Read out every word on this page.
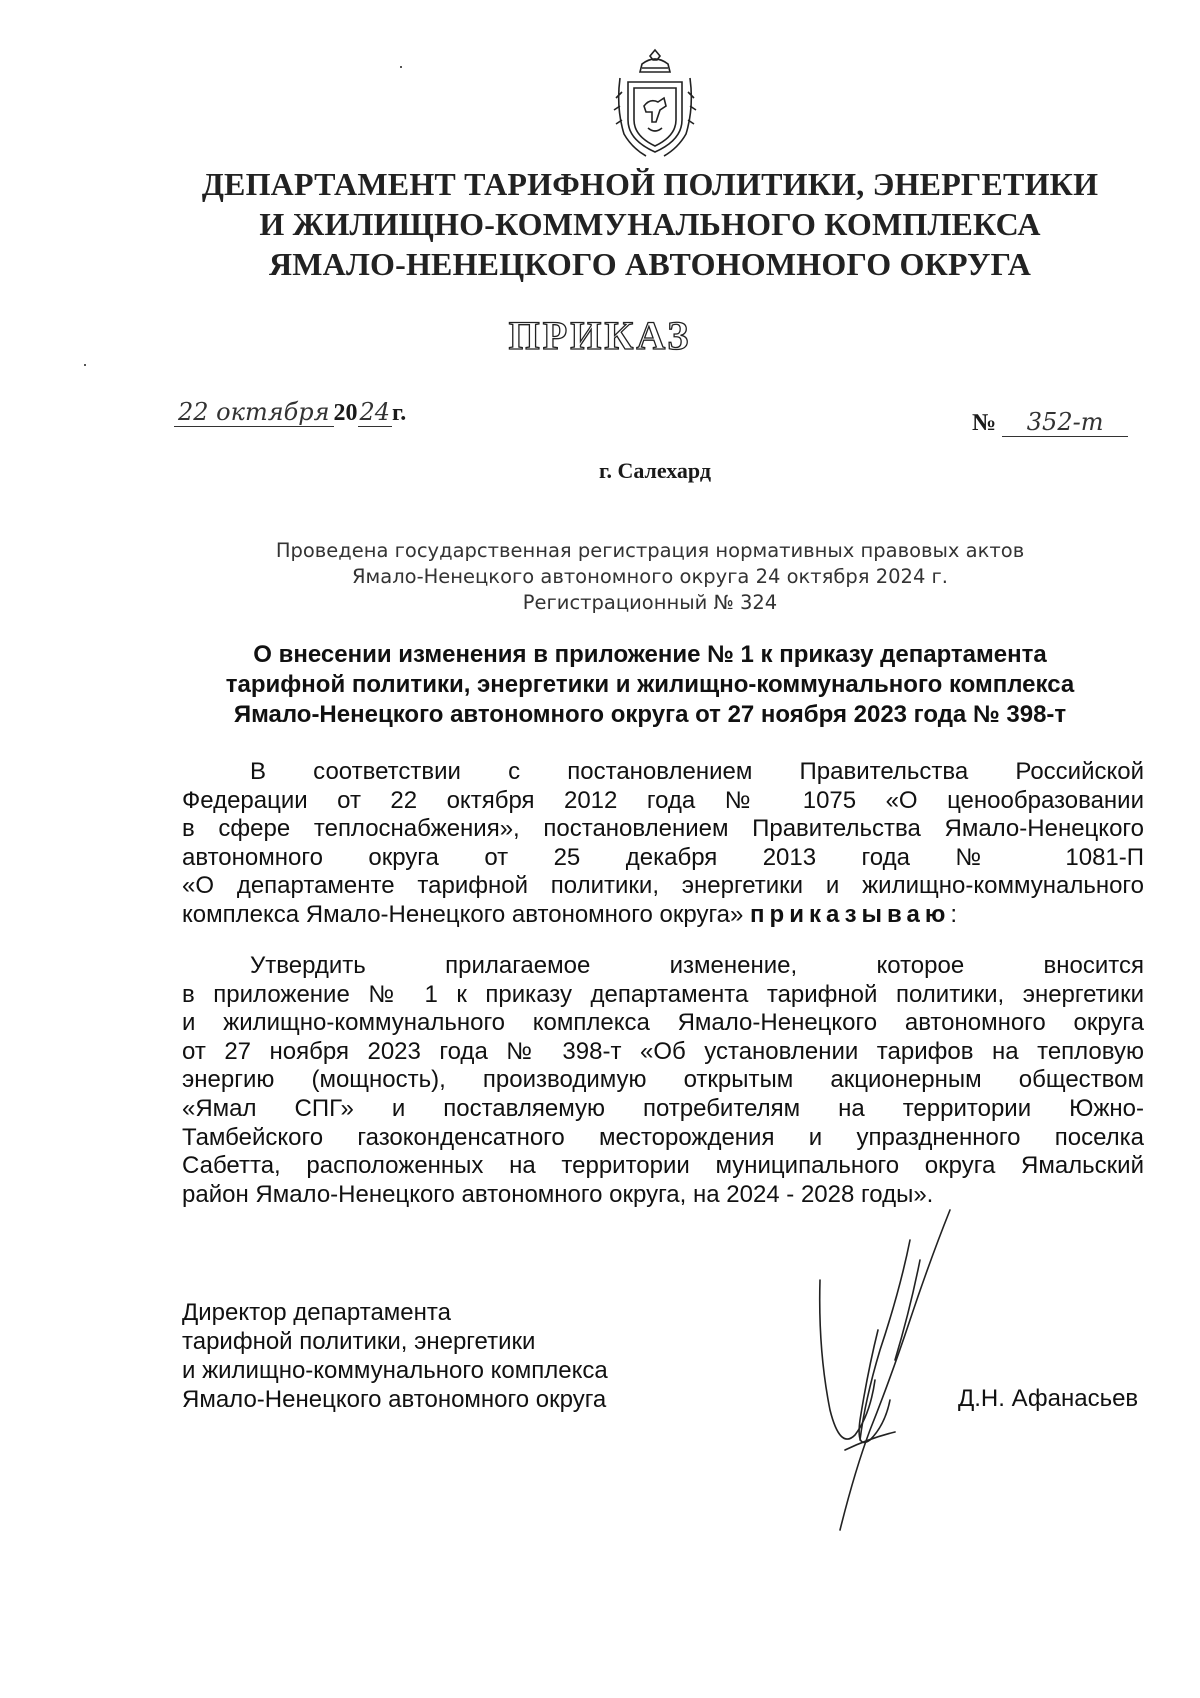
ДЕПАРТАМЕНТ ТАРИФНОЙ ПОЛИТИКИ, ЭНЕРГЕТИКИ
И ЖИЛИЩНО-КОММУНАЛЬНОГО КОМПЛЕКСА
ЯМАЛО-НЕНЕЦКОГО АВТОНОМНОГО ОКРУГА
ПРИКАЗ
22 октября 2024г.	№ 352-т
г. Салехард
Проведена государственная регистрация нормативных правовых актов
Ямало-Ненецкого автономного округа 24 октября 2024 г.
Регистрационный № 324
О внесении изменения в приложение № 1 к приказу департамента
тарифной политики, энергетики и жилищно-коммунального комплекса
Ямало-Ненецкого автономного округа от 27 ноября 2023 года № 398-т
В соответствии с постановлением Правительства Российской
Федерации от 22 октября 2012 года № 1075 «О ценообразовании
в сфере теплоснабжения», постановлением Правительства Ямало-Ненецкого
автономного округа от 25 декабря 2013 года № 1081-П
«О департаменте тарифной политики, энергетики и жилищно-коммунального
комплекса Ямало-Ненецкого автономного округа» приказываю:
Утвердить прилагаемое изменение, которое вносится
в приложение № 1 к приказу департамента тарифной политики, энергетики
и жилищно-коммунального комплекса Ямало-Ненецкого автономного округа
от 27 ноября 2023 года № 398-т «Об установлении тарифов на тепловую
энергию (мощность), производимую открытым акционерным обществом
«Ямал СПГ» и поставляемую потребителям на территории Южно-
Тамбейского газоконденсатного месторождения и упраздненного поселка
Сабетта, расположенных на территории муниципального округа Ямальский
район Ямало-Ненецкого автономного округа, на 2024 - 2028 годы».
Директор департамента
тарифной политики, энергетики
и жилищно-коммунального комплекса
Ямало-Ненецкого автономного округа	Д.Н. Афанасьев
